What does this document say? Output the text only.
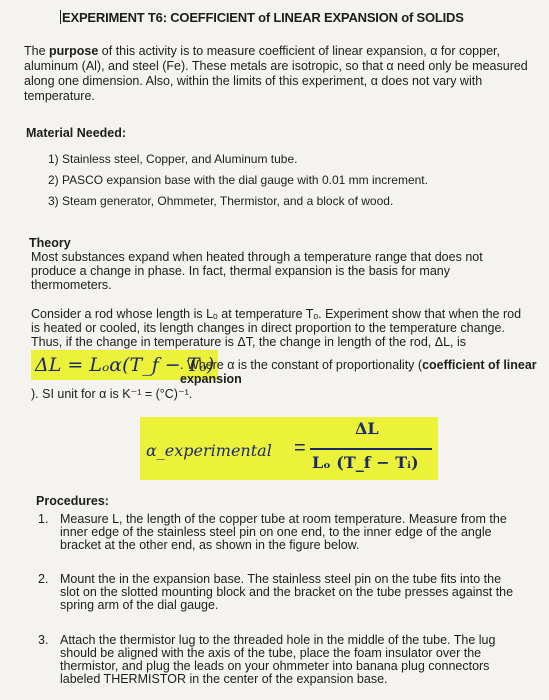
EXPERIMENT T6: COEFFICIENT of LINEAR EXPANSION of SOLIDS
The purpose of this activity is to measure coefficient of linear expansion, α for copper, aluminum (Al), and steel (Fe). These metals are isotropic, so that α need only be measured along one dimension. Also, within the limits of this experiment, α does not vary with temperature.
Material Needed:
1) Stainless steel, Copper, and Aluminum tube.
2) PASCO expansion base with the dial gauge with 0.01 mm increment.
3) Steam generator, Ohmmeter, Thermistor, and a block of wood.
Theory
Most substances expand when heated through a temperature range that does not produce a change in phase. In fact, thermal expansion is the basis for many thermometers.
Consider a rod whose length is Lₒ at temperature Tₒ. Experiment show that when the rod is heated or cooled, its length changes in direct proportion to the temperature change. Thus, if the change in temperature is ΔT, the change in length of the rod, ΔL, is
ΔL = Lₒα(T_f − Tₒ)
. Where α is the constant of proportionality (coefficient of linear expansion
). SI unit for α is K⁻¹ = (°C)⁻¹.
α_experimental =
ΔL
Lₒ (T_f − Tᵢ)
Procedures:
1. Measure L, the length of the copper tube at room temperature. Measure from the inner edge of the stainless steel pin on one end, to the inner edge of the angle bracket at the other end, as shown in the figure below.
2. Mount the in the expansion base. The stainless steel pin on the tube fits into the slot on the slotted mounting block and the bracket on the tube presses against the spring arm of the dial gauge.
3. Attach the thermistor lug to the threaded hole in the middle of the tube. The lug should be aligned with the axis of the tube, place the foam insulator over the thermistor, and plug the leads on your ohmmeter into banana plug connectors labeled THERMISTOR in the center of the expansion base.
